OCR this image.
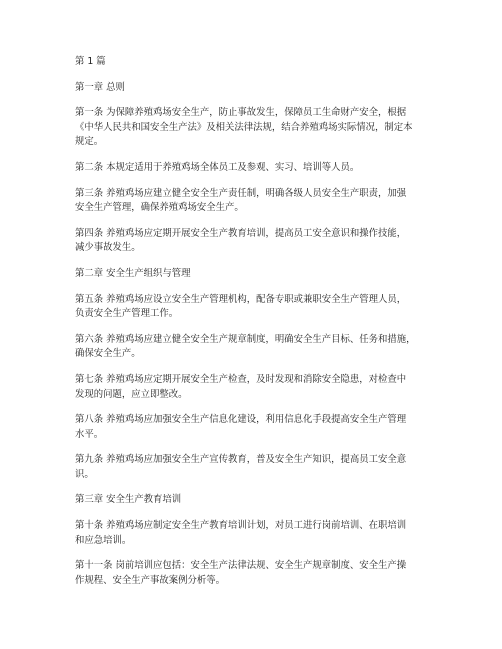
第 1 篇

第一章 总则

第一条 为保障养殖鸡场安全生产，防止事故发生，保障员工生命财产安全，根据
《中华人民共和国安全生产法》及相关法律法规，结合养殖鸡场实际情况，制定本
规定。

第二条 本规定适用于养殖鸡场全体员工及参观、实习、培训等人员。

第三条 养殖鸡场应建立健全安全生产责任制，明确各级人员安全生产职责，加强
安全生产管理，确保养殖鸡场安全生产。

第四条 养殖鸡场应定期开展安全生产教育培训，提高员工安全意识和操作技能，
减少事故发生。

第二章 安全生产组织与管理

第五条 养殖鸡场应设立安全生产管理机构，配备专职或兼职安全生产管理人员，
负责安全生产管理工作。

第六条 养殖鸡场应建立健全安全生产规章制度，明确安全生产目标、任务和措施，
确保安全生产。

第七条 养殖鸡场应定期开展安全生产检查，及时发现和消除安全隐患，对检查中
发现的问题，应立即整改。

第八条 养殖鸡场应加强安全生产信息化建设，利用信息化手段提高安全生产管理
水平。

第九条 养殖鸡场应加强安全生产宣传教育，普及安全生产知识，提高员工安全意
识。

第三章 安全生产教育培训

第十条 养殖鸡场应制定安全生产教育培训计划，对员工进行岗前培训、在职培训
和应急培训。

第十一条 岗前培训应包括：安全生产法律法规、安全生产规章制度、安全生产操
作规程、安全生产事故案例分析等。
